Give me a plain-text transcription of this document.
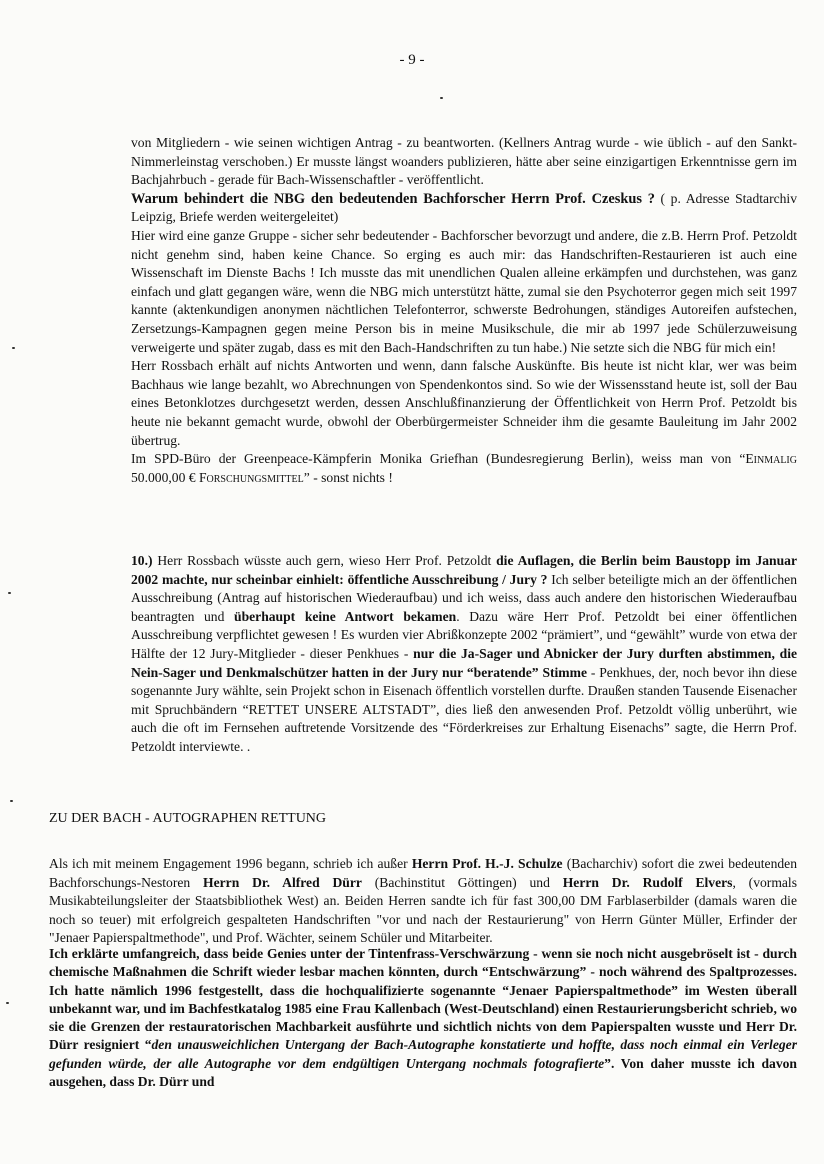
- 9 -

von Mitgliedern - wie seinen wichtigen Antrag - zu beantworten. (Kellners Antrag wurde - wie üblich - auf den Sankt-Nimmerleinstag verschoben.) Er musste längst woanders publizieren, hätte aber seine einzigartigen Erkenntnisse gern im Bachjahrbuch - gerade für Bach-Wissenschaftler - veröffentlicht.

Warum behindert die NBG den bedeutenden Bachforscher Herrn Prof. Czeskus ? ( p. Adresse Stadtarchiv Leipzig, Briefe werden weitergeleitet)

Hier wird eine ganze Gruppe - sicher sehr bedeutender - Bachforscher bevorzugt und andere, die z.B. Herrn Prof. Petzoldt nicht genehm sind, haben keine Chance. So erging es auch mir: das Handschriften-Restaurieren ist auch eine Wissenschaft im Dienste Bachs ! Ich musste das mit unendlichen Qualen alleine erkämpfen und durchstehen, was ganz einfach und glatt gegangen wäre, wenn die NBG mich unterstützt hätte, zumal sie den Psychoterror gegen mich seit 1997 kannte (aktenkundigen anonymen nächtlichen Telefonterror, schwerste Bedrohungen, ständiges Autoreifen aufstechen, Zersetzungs-Kampagnen gegen meine Person bis in meine Musikschule, die mir ab 1997 jede Schülerzuweisung verweigerte und später zugab, dass es mit den Bach-Handschriften zu tun habe.) Nie setzte sich die NBG für mich ein!

Herr Rossbach erhält auf nichts Antworten und wenn, dann falsche Auskünfte. Bis heute ist nicht klar, wer was beim Bachhaus wie lange bezahlt, wo Abrechnungen von Spendenkontos sind. So wie der Wissensstand heute ist, soll der Bau eines Betonklotzes durchgesetzt werden, dessen Anschlußfinanzierung der Öffentlichkeit von Herrn Prof. Petzoldt bis heute nie bekannt gemacht wurde, obwohl der Oberbürgermeister Schneider ihm die gesamte Bauleitung im Jahr 2002 übertrug.

Im SPD-Büro der Greenpeace-Kämpferin Monika Griefhan (Bundesregierung Berlin), weiss man von “Einmalig 50.000,00 € Forschungsmittel” - sonst nichts !

10.) Herr Rossbach wüsste auch gern, wieso Herr Prof. Petzoldt die Auflagen, die Berlin beim Baustopp im Januar 2002 machte, nur scheinbar einhielt: öffentliche Ausschreibung / Jury ? Ich selber beteiligte mich an der öffentlichen Ausschreibung (Antrag auf historischen Wiederaufbau) und ich weiss, dass auch andere den historischen Wiederaufbau beantragten und überhaupt keine Antwort bekamen. Dazu wäre Herr Prof. Petzoldt bei einer öffentlichen Ausschreibung verpflichtet gewesen ! Es wurden vier Abrißkonzepte 2002 “prämiert”, und “gewählt” wurde von etwa der Hälfte der 12 Jury-Mitglieder - dieser Penkhues - nur die Ja-Sager und Abnicker der Jury durften abstimmen, die Nein-Sager und Denkmalschützer hatten in der Jury nur “beratende” Stimme - Penkhues, der, noch bevor ihn diese sogenannte Jury wählte, sein Projekt schon in Eisenach öffentlich vorstellen durfte. Draußen standen Tausende Eisenacher mit Spruchbändern “RETTET UNSERE ALTSTADT”, dies ließ den anwesenden Prof. Petzoldt völlig unberührt, wie auch die oft im Fernsehen auftretende Vorsitzende des “Förderkreises zur Erhaltung Eisenachs” sagte, die Herrn Prof. Petzoldt interviewte. .

ZU DER BACH - AUTOGRAPHEN RETTUNG

Als ich mit meinem Engagement 1996 begann, schrieb ich außer Herrn Prof. H.-J. Schulze (Bacharchiv) sofort die zwei bedeutenden Bachforschungs-Nestoren Herrn Dr. Alfred Dürr (Bachinstitut Göttingen) und Herrn Dr. Rudolf Elvers, (vormals Musikabteilungsleiter der Staatsbibliothek West) an. Beiden Herren sandte ich für fast 300,00 DM Farblaserbilder (damals waren die noch so teuer) mit erfolgreich gespalteten Handschriften "vor und nach der Restaurierung" von Herrn Günter Müller, Erfinder der "Jenaer Papierspaltmethode", und Prof. Wächter, seinem Schüler und Mitarbeiter.

Ich erklärte umfangreich, dass beide Genies unter der Tintenfrass-Verschwärzung - wenn sie noch nicht ausgebröselt ist - durch chemische Maßnahmen die Schrift wieder lesbar machen könnten, durch “Entschwärzung” - noch während des Spaltprozesses. Ich hatte nämlich 1996 festgestellt, dass die hochqualifizierte sogenannte “Jenaer Papierspaltmethode” im Westen überall unbekannt war, und im Bachfestkatalog 1985 eine Frau Kallenbach (West-Deutschland) einen Restaurierungsbericht schrieb, wo sie die Grenzen der restauratorischen Machbarkeit ausführte und sichtlich nichts von dem Papierspalten wusste und Herr Dr. Dürr resigniert “den unausweichlichen Untergang der Bach-Autographe konstatierte und hoffte, dass noch einmal ein Verleger gefunden würde, der alle Autographe vor dem endgültigen Untergang nochmals fotografierte”. Von daher musste ich davon ausgehen, dass Dr. Dürr und
